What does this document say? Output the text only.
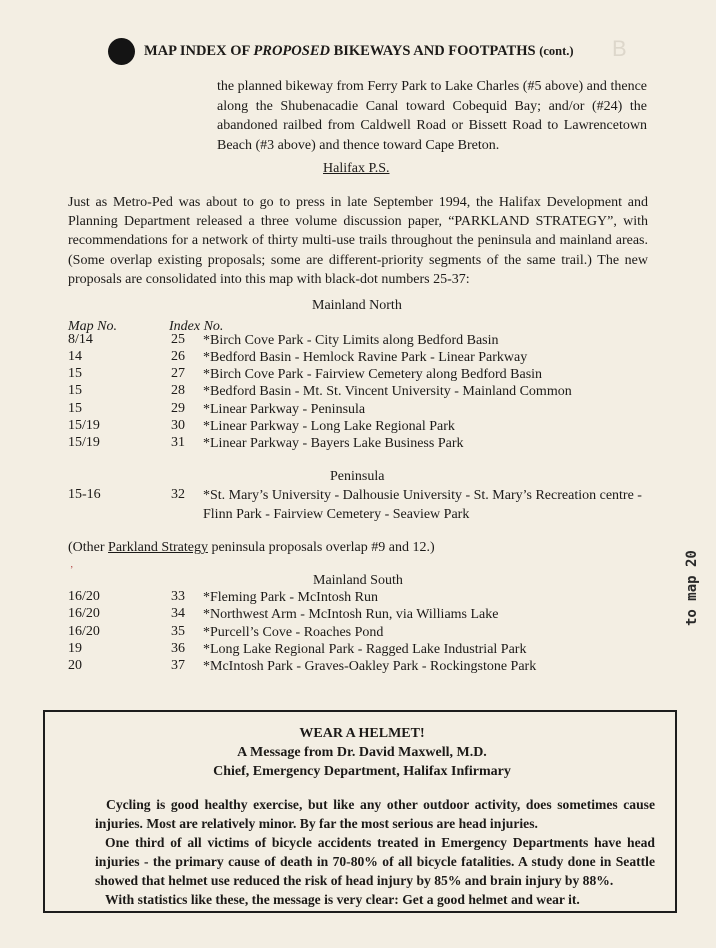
B
MAP INDEX OF PROPOSED BIKEWAYS AND FOOTPATHS (cont.)
the planned bikeway from Ferry Park to Lake Charles (#5 above) and thence along the Shubenacadie Canal toward Cobequid Bay; and/or (#24) the abandoned railbed from Caldwell Road or Bissett Road to Lawrencetown Beach (#3 above) and thence toward Cape Breton.
Halifax P.S.
Just as Metro-Ped was about to go to press in late September 1994, the Halifax Development and Planning Department released a three volume discussion paper, “PARKLAND STRATEGY”, with recommendations for a network of thirty multi-use trails throughout the peninsula and mainland areas. (Some overlap existing proposals; some are different-priority segments of the same trail.) The new proposals are consolidated into this map with black-dot numbers 25-37:
Mainland North
Map No.	Index No.
8/14	25 *Birch Cove Park - City Limits along Bedford Basin
14	26 *Bedford Basin - Hemlock Ravine Park - Linear Parkway
15	27 *Birch Cove Park - Fairview Cemetery along Bedford Basin
15	28 *Bedford Basin - Mt. St. Vincent University - Mainland Common
15	29 *Linear Parkway - Peninsula
15/19	30 *Linear Parkway - Long Lake Regional Park
15/19	31 *Linear Parkway - Bayers Lake Business Park
Peninsula
15-16	32 *St. Mary’s University - Dalhousie University - St. Mary’s Recreation centre - Flinn Park - Fairview Cemetery - Seaview Park
(Other Parkland Strategy peninsula proposals overlap #9 and 12.)
’	to map 20
Mainland South
16/20	33 *Fleming Park - McIntosh Run
16/20	34 *Northwest Arm - McIntosh Run, via Williams Lake
16/20	35 *Purcell’s Cove - Roaches Pond
19	36 *Long Lake Regional Park - Ragged Lake Industrial Park
20	37 *McIntosh Park - Graves-Oakley Park - Rockingstone Park
WEAR A HELMET!
A Message from Dr. David Maxwell, M.D.
Chief, Emergency Department, Halifax Infirmary

Cycling is good healthy exercise, but like any other outdoor activity, does sometimes cause injuries. Most are relatively minor. By far the most serious are head injuries.

One third of all victims of bicycle accidents treated in Emergency Departments have head injuries - the primary cause of death in 70-80% of all bicycle fatalities. A study done in Seattle showed that helmet use reduced the risk of head injury by 85% and brain injury by 88%.

With statistics like these, the message is very clear: Get a good helmet and wear it.
